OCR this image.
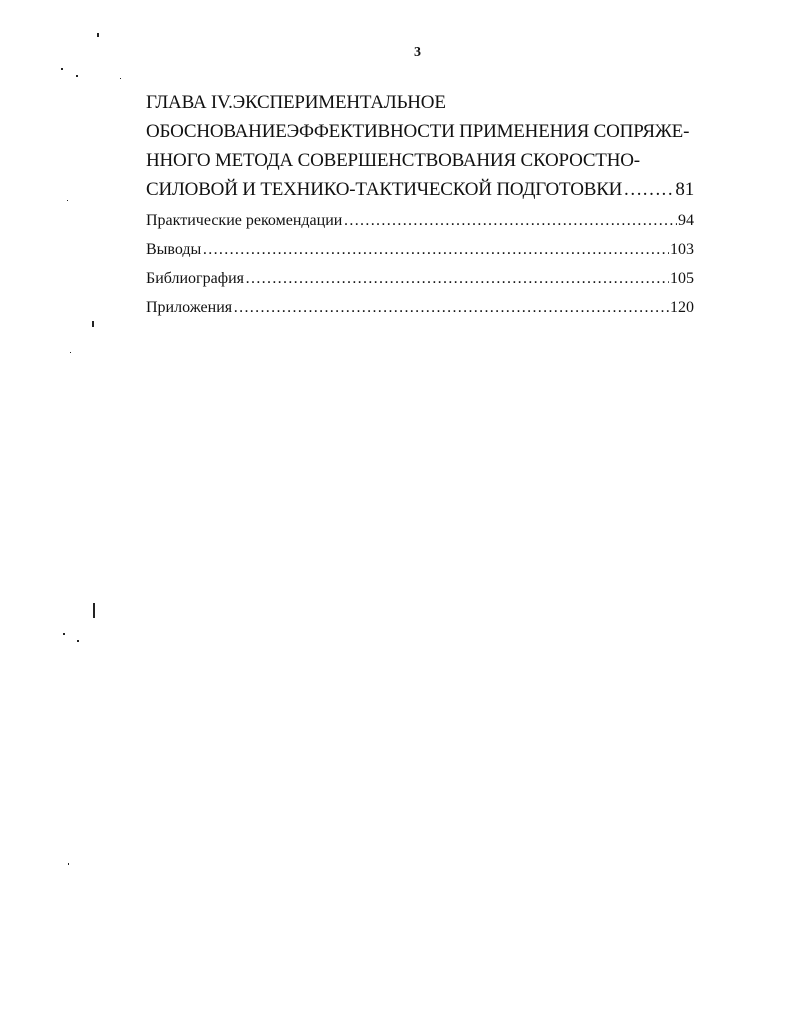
3
ГЛАВА IV.ЭКСПЕРИМЕНТАЛЬНОЕ
ОБОСНОВАНИЕЭФФЕКТИВНОСТИ ПРИМЕНЕНИЯ СОПРЯЖЕ-
ННОГО МЕТОДА СОВЕРШЕНСТВОВАНИЯ СКОРОСТНО-
СИЛОВОЙ И ТЕХНИКО-ТАКТИЧЕСКОЙ ПОДГОТОВКИ ……………………………………………………………………………………………………………………………………………………………………	81
Практические рекомендации ……………………………………………………………………………………………………………………………………………………………………	94
Выводы ……………………………………………………………………………………………………………………………………………………………………	103
Библиография ……………………………………………………………………………………………………………………………………………………………………	105
Приложения ……………………………………………………………………………………………………………………………………………………………………	120
